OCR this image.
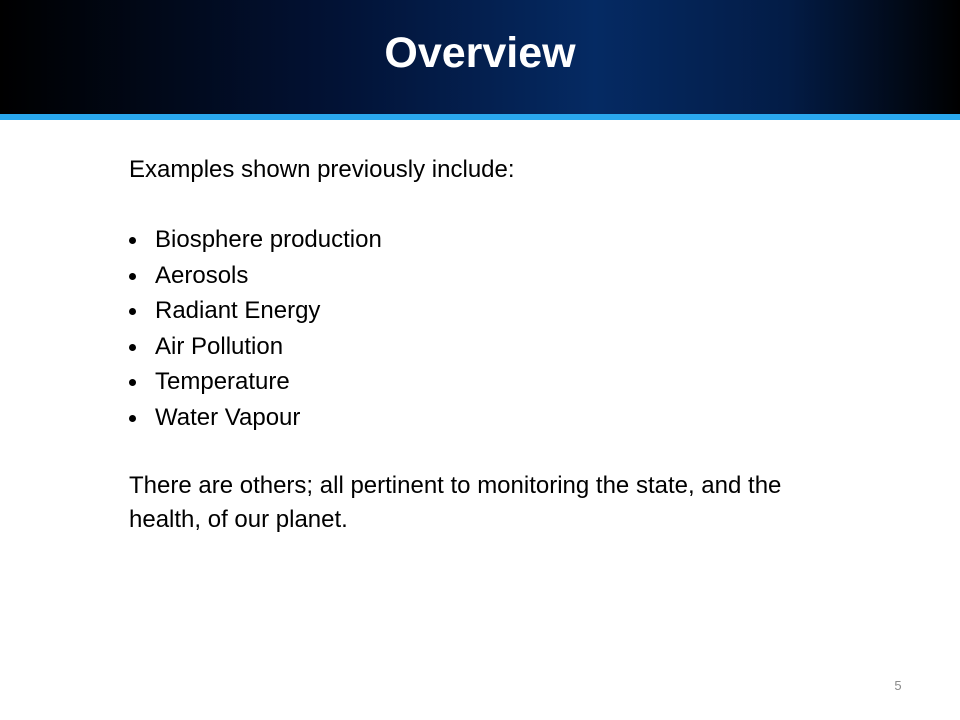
Overview

Examples shown previously include:

Biosphere production
Aerosols
Radiant Energy
Air Pollution
Temperature
Water Vapour

There are others; all pertinent to monitoring the state, and the health, of our planet.

5
